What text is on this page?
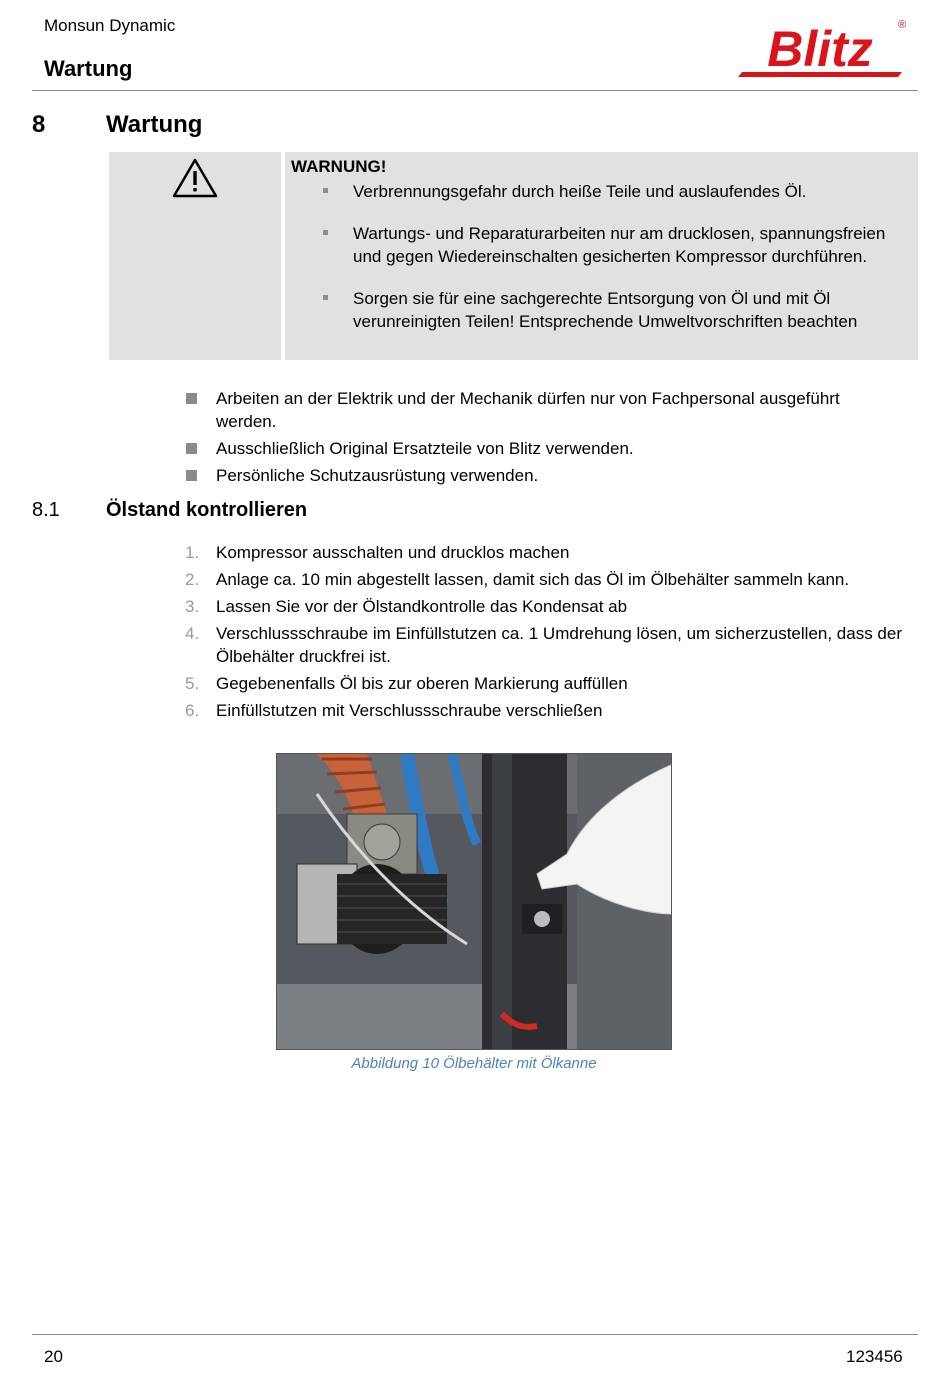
Monsun Dynamic
Wartung	Blitz ®
8	Wartung
WARNUNG!
Verbrennungsgefahr durch heiße Teile und auslaufendes Öl.
Wartungs- und Reparaturarbeiten nur am drucklosen, spannungsfreien und gegen Wiedereinschalten gesicherten Kompressor durchführen.
Sorgen sie für eine sachgerechte Entsorgung von Öl und mit Öl verunreinigten Teilen! Entsprechende Umweltvorschriften beachten
Arbeiten an der Elektrik und der Mechanik dürfen nur von Fachpersonal ausgeführt werden.
Ausschließlich Original Ersatzteile von Blitz verwenden.
Persönliche Schutzausrüstung verwenden.
8.1 Ölstand kontrollieren
1. Kompressor ausschalten und drucklos machen
2. Anlage ca. 10 min abgestellt lassen, damit sich das Öl im Ölbehälter sammeln kann.
3. Lassen Sie vor der Ölstandkontrolle das Kondensat ab
4. Verschlussschraube im Einfüllstutzen ca. 1 Umdrehung lösen, um sicherzustellen, dass der Ölbehälter druckfrei ist.
5. Gegebenenfalls Öl bis zur oberen Markierung auffüllen
6. Einfüllstutzen mit Verschlussschraube verschließen
Abbildung 10 Ölbehälter mit Ölkanne
20	123456
